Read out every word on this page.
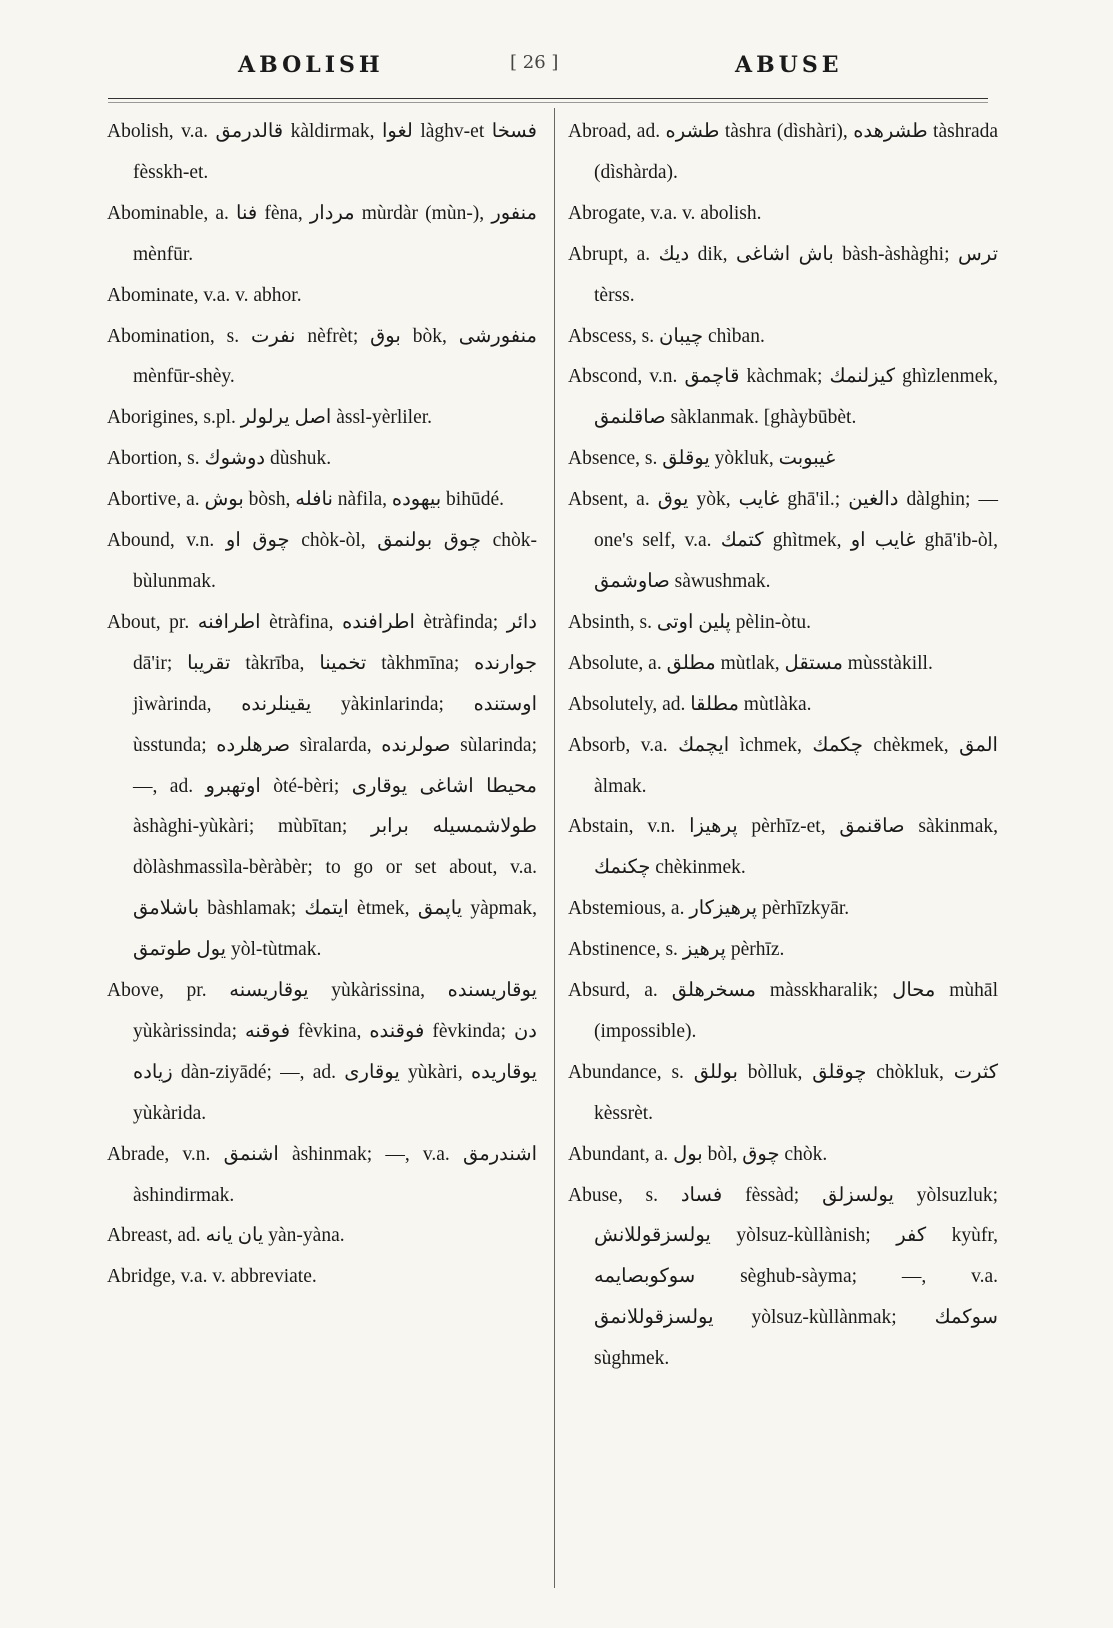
ABOLISH	[ 26 ]	ABUSE

Abolish, v.a. قالدرمق kàldirmak, لغوا làghv-et فسخا fèsskh-et.

Abominable, a. فنا fèna, مردار mùrdàr (mùn-), منفور mènfūr.

Abominate, v.a. v. abhor.

Abomination, s. نفرت nèfrèt; بوق bòk, منفورشى mènfūr-shèy.

Aborigines, s.pl. اصل يرلولر àssl-yèrliler.

Abortion, s. دوشوك dùshuk.

Abortive, a. بوش bòsh, نافله nàfila, بيهوده bihūdé.

Abound, v.n. چوق او chòk-òl, چوق بولنمق chòk-bùlunmak.

About, pr. اطرافنه ètràfina, اطرافنده ètràfinda; دائر dā'ir; تقريبا tàkrība, تخمينا tàkhmīna; جوارنده jìwàrinda, يقينلرنده yàkinlarinda; اوستنده ùsstunda; صرهلرده sìralarda, صولرنده sùlarinda; —, ad. اوتهبرو òté-bèri; محيطا اشاغى يوقارى àshàghi-yùkàri; mùbītan; طولاشمسيله برابر dòlàshmassìla-bèràbèr; to go or set about, v.a. باشلامق bàshlamak; ايتمك ètmek, ياپمق yàpmak, يول طوتمق yòl-tùtmak.

Above, pr. يوقاريسنه yùkàrissina, يوقاريسنده yùkàrissinda; فوقنه fèvkina, فوقنده fèvkinda; دن زياده dàn-ziyādé; —, ad. يوقارى yùkàri, يوقاريده yùkàrida.

Abrade, v.n. اشنمق àshinmak; —, v.a. اشندرمق àshindirmak.

Abreast, ad. يان يانه yàn-yàna.

Abridge, v.a. v. abbreviate.

Abroad, ad. طشره tàshra (dìshàri), طشرهده tàshrada (dìshàrda).

Abrogate, v.a. v. abolish.

Abrupt, a. ديك dik, باش اشاغى bàsh-àshàghi; ترس tèrss.

Abscess, s. چيبان chìban.

Abscond, v.n. قاچمق kàchmak; كيزلنمك ghìzlenmek, صاقلنمق sàklanmak. [ghàybūbèt.

Absence, s. يوقلق yòkluk, غيبوبت

Absent, a. يوق yòk, غايب ghā'il.; دالغين dàlghin; — one's self, v.a. كتمك ghìtmek, غايب او ghā'ib-òl, صاوشمق sàwushmak.

Absinth, s. پلين اوتى pèlin-òtu.

Absolute, a. مطلق mùtlak, مستقل mùsstàkill.

Absolutely, ad. مطلقا mùtlàka.

Absorb, v.a. ايچمك ìchmek, چكمك chèkmek, المق àlmak.

Abstain, v.n. پرهيزا pèrhīz-et, صاقنمق sàkinmak, چكنمك chèkinmek.

Abstemious, a. پرهيزكار pèrhīzkyār.

Abstinence, s. پرهيز pèrhīz.

Absurd, a. مسخرهلق màsskharalik; محال mùhāl (impossible).

Abundance, s. بوللق bòlluk, چوقلق chòkluk, كثرت kèssrèt.

Abundant, a. بول bòl, چوق chòk.

Abuse, s. فساد fèssàd; يولسزلق yòlsuzluk; يولسزقوللانش yòlsuz-kùllànish; كفر kyùfr, سوكوبصايمه sèghub-sàyma; —, v.a. يولسزقوللانمق yòlsuz-kùllànmak; سوكمك sùghmek.
